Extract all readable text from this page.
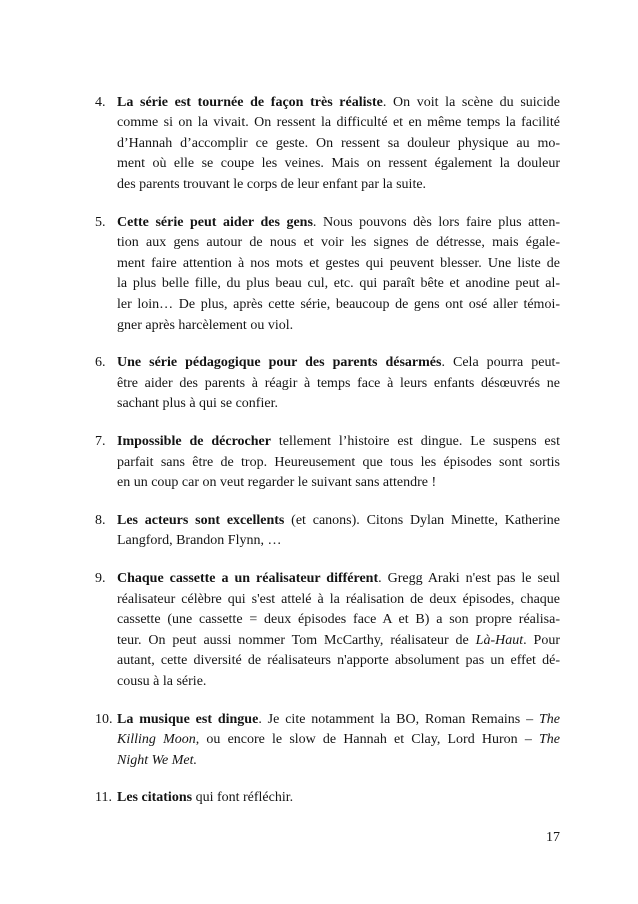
4. La série est tournée de façon très réaliste. On voit la scène du suicide
comme si on la vivait. On ressent la difficulté et en même temps la facilité
d’Hannah d’accomplir ce geste. On ressent sa douleur physique au mo-
ment où elle se coupe les veines. Mais on ressent également la douleur
des parents trouvant le corps de leur enfant par la suite.
5. Cette série peut aider des gens. Nous pouvons dès lors faire plus atten-
tion aux gens autour de nous et voir les signes de détresse, mais égale-
ment faire attention à nos mots et gestes qui peuvent blesser. Une liste de
la plus belle fille, du plus beau cul, etc. qui paraît bête et anodine peut al-
ler loin… De plus, après cette série, beaucoup de gens ont osé aller témoi-
gner après harcèlement ou viol.
6. Une série pédagogique pour des parents désarmés. Cela pourra peut-
être aider des parents à réagir à temps face à leurs enfants désœuvrés ne
sachant plus à qui se confier.
7. Impossible de décrocher tellement l’histoire est dingue. Le suspens est
parfait sans être de trop. Heureusement que tous les épisodes sont sortis
en un coup car on veut regarder le suivant sans attendre !
8. Les acteurs sont excellents (et canons). Citons Dylan Minette, Katherine
Langford, Brandon Flynn, …
9. Chaque cassette a un réalisateur différent. Gregg Araki n'est pas le seul
réalisateur célèbre qui s'est attelé à la réalisation de deux épisodes, chaque
cassette (une cassette = deux épisodes face A et B) a son propre réalisa-
teur. On peut aussi nommer Tom McCarthy, réalisateur de Là-Haut. Pour
autant, cette diversité de réalisateurs n'apporte absolument pas un effet dé-
cousu à la série.
10. La musique est dingue. Je cite notamment la BO, Roman Remains – The
Killing Moon, ou encore le slow de Hannah et Clay, Lord Huron – The
Night We Met.
11. Les citations qui font réfléchir.
17
